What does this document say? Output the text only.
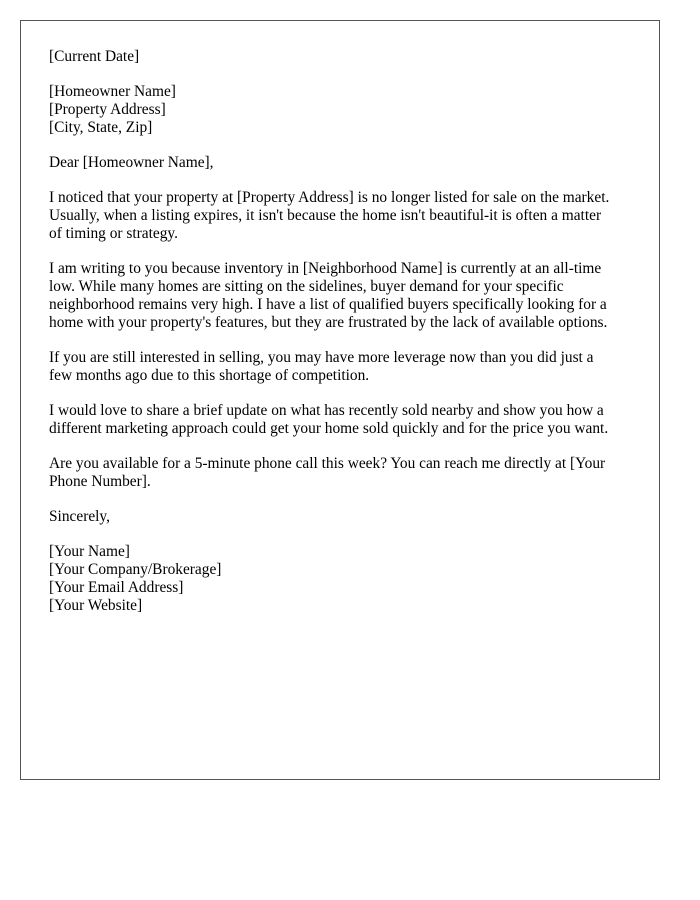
[Current Date]
[Homeowner Name]
[Property Address]
[City, State, Zip]
Dear [Homeowner Name],
I noticed that your property at [Property Address] is no longer listed for sale on the market.
Usually, when a listing expires, it isn't because the home isn't beautiful-it is often a matter
of timing or strategy.
I am writing to you because inventory in [Neighborhood Name] is currently at an all-time
low. While many homes are sitting on the sidelines, buyer demand for your specific
neighborhood remains very high. I have a list of qualified buyers specifically looking for a
home with your property's features, but they are frustrated by the lack of available options.
If you are still interested in selling, you may have more leverage now than you did just a
few months ago due to this shortage of competition.
I would love to share a brief update on what has recently sold nearby and show you how a
different marketing approach could get your home sold quickly and for the price you want.
Are you available for a 5-minute phone call this week? You can reach me directly at [Your
Phone Number].
Sincerely,
[Your Name]
[Your Company/Brokerage]
[Your Email Address]
[Your Website]
